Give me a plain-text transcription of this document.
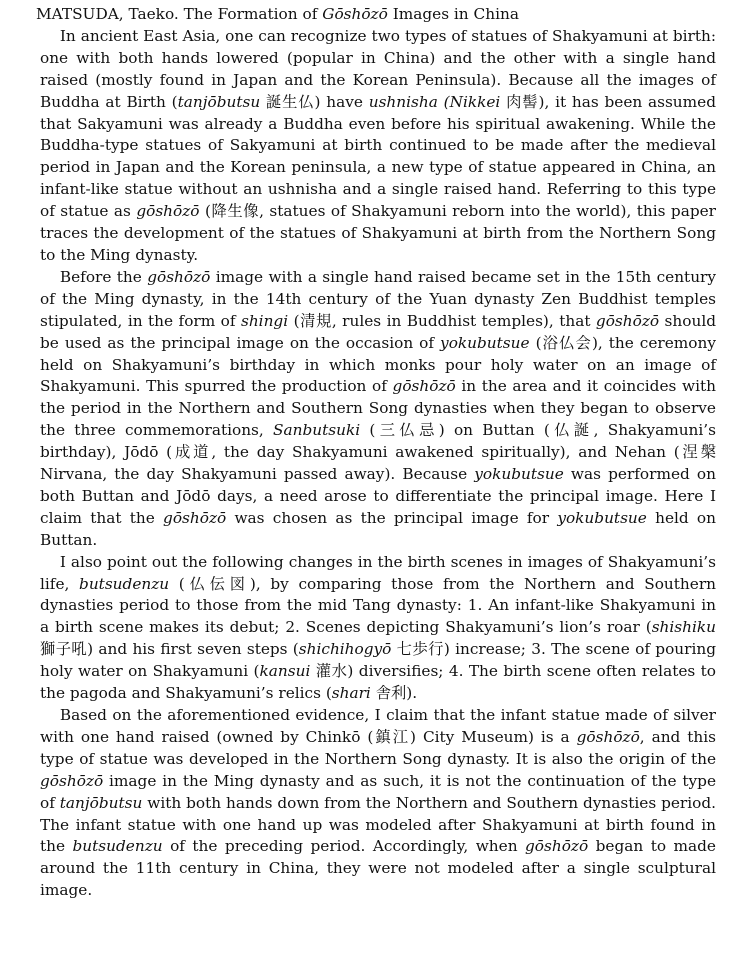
MATSUDA, Taeko. The Formation of Gōshōzō Images in China

In ancient East Asia, one can recognize two types of statues of Shakyamuni at birth: one with both hands lowered (popular in China) and the other with a single hand raised (mostly found in Japan and the Korean Peninsula). Because all the images of Buddha at Birth (tanjōbutsu 誕生仏) have ushnisha (Nikkei 肉髻), it has been assumed that Sakyamuni was already a Buddha even before his spiritual awakening. While the Buddha-type statues of Sakyamuni at birth continued to be made after the medieval period in Japan and the Korean peninsula, a new type of statue appeared in China, an infant-like statue without an ushnisha and a single raised hand. Referring to this type of statue as gōshōzō (降生像, statues of Shakyamuni reborn into the world), this paper traces the development of the statues of Shakyamuni at birth from the Northern Song to the Ming dynasty.

Before the gōshōzō image with a single hand raised became set in the 15th century of the Ming dynasty, in the 14th century of the Yuan dynasty Zen Buddhist temples stipulated, in the form of shingi (清規, rules in Buddhist temples), that gōshōzō should be used as the principal image on the occasion of yokubutsue (浴仏会), the ceremony held on Shakyamuni’s birthday in which monks pour holy water on an image of Shakyamuni. This spurred the production of gōshōzō in the area and it coincides with the period in the Northern and Southern Song dynasties when they began to observe the three commemorations, Sanbutsuki (三仏忌) on Buttan (仏誕, Shakyamuni’s birthday), Jōdō (成道, the day Shakyamuni awakened spiritually), and Nehan (涅槃 Nirvana, the day Shakyamuni passed away). Because yokubutsue was performed on both Buttan and Jōdō days, a need arose to differentiate the principal image. Here I claim that the gōshōzō was chosen as the principal image for yokubutsue held on Buttan.

I also point out the following changes in the birth scenes in images of Shakyamuni’s life, butsudenzu (仏伝図), by comparing those from the Northern and Southern dynasties period to those from the mid Tang dynasty: 1. An infant-like Shakyamuni in a birth scene makes its debut; 2. Scenes depicting Shakyamuni’s lion’s roar (shishiku 獅子吼) and his first seven steps (shichihogyō 七歩行) increase; 3. The scene of pouring holy water on Shakyamuni (kansui 灌水) diversifies; 4. The birth scene often relates to the pagoda and Shakyamuni’s relics (shari 舎利).

Based on the aforementioned evidence, I claim that the infant statue made of silver with one hand raised (owned by Chinkō (鎮江) City Museum) is a gōshōzō, and this type of statue was developed in the Northern Song dynasty. It is also the origin of the gōshōzō image in the Ming dynasty and as such, it is not the continuation of the type of tanjōbutsu with both hands down from the Northern and Southern dynasties period. The infant statue with one hand up was modeled after Shakyamuni at birth found in the butsudenzu of the preceding period. Accordingly, when gōshōzō began to made around the 11th century in China, they were not modeled after a single sculptural image.
